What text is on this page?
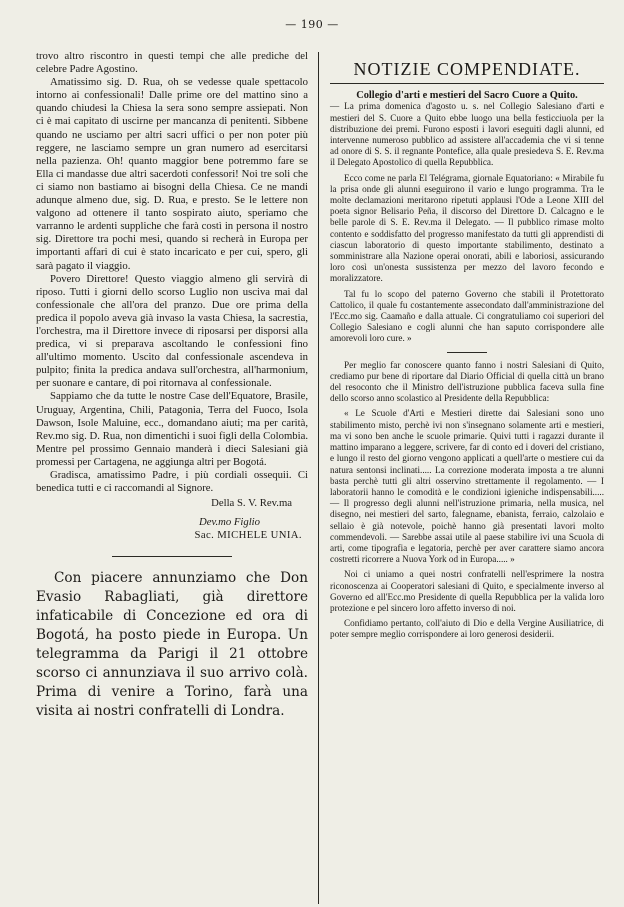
— 190 —

trovo altro riscontro in questi tempi che alle prediche del celebre Padre Agostino.

Amatissimo sig. D. Rua, oh se vedesse quale spettacolo intorno ai confessionali! Dalle prime ore del mattino sino a quando chiudesi la Chiesa la sera sono sempre assiepati. Non ci è mai capitato di uscirne per mancanza di penitenti. Sibbene quando ne usciamo per altri sacri uffici o per non poter più reggere, ne lasciamo sempre un gran numero ad esercitarsi nella pazienza. Oh! quanto maggior bene potremmo fare se Ella ci mandasse due altri sacerdoti confessori! Noi tre soli che ci siamo non bastiamo ai bisogni della Chiesa. Ce ne mandi adunque almeno due, sig. D. Rua, e presto. Se le lettere non valgono ad ottenere il tanto sospirato aiuto, speriamo che varranno le ardenti suppliche che farà costì in persona il nostro sig. Direttore tra pochi mesi, quando si recherà in Europa per importanti affari di cui è stato incaricato e per cui, spero, gli sarà pagato il viaggio.

Povero Direttore! Questo viaggio almeno gli servirà di riposo. Tutti i giorni dello scorso Luglio non usciva mai dal confessionale che all'ora del pranzo. Due ore prima della predica il popolo aveva già invaso la vasta Chiesa, la sacrestia, l'orchestra, ma il Direttore invece di riposarsi per disporsi alla predica, vi si preparava ascoltando le confessioni fino all'ultimo momento. Uscito dal confessionale ascendeva in pulpito; finita la predica andava sull'orchestra, all'harmonium, per suonare e cantare, di poi ritornava al confessionale.

Sappiamo che da tutte le nostre Case dell'Equatore, Brasile, Uruguay, Argentina, Chili, Patagonia, Terra del Fuoco, Isola Dawson, Isole Maluine, ecc., domandano aiuti; ma per carità, Rev.mo sig. D. Rua, non dimentichi i suoi figli della Colombia. Mentre pel prossimo Gennaio manderà i dieci Salesiani già promessi per Cartagena, ne aggiunga altri per Bogotá.

Gradisca, amatissimo Padre, i più cordiali ossequii. Ci benedica tutti e ci raccomandi al Signore.

Della S. V. Rev.ma

Dev.mo Figlio

Sac. MICHELE UNIA.

Con piacere annunziamo che Don Evasio Rabagliati, già direttore infaticabile di Concezione ed ora di Bogotá, ha posto piede in Europa. Un telegramma da Parigi il 21 ottobre scorso ci annunziava il suo arrivo colà. Prima di venire a Torino, farà una visita ai nostri confratelli di Londra.

NOTIZIE COMPENDIATE.

Collegio d'arti e mestieri del Sacro Cuore a Quito.

— La prima domenica d'agosto u. s. nel Collegio Salesiano d'arti e mestieri del S. Cuore a Quito ebbe luogo una bella festicciuola per la distribuzione dei premi. Furono esposti i lavori eseguiti dagli alunni, ed intervenne numeroso pubblico ad assistere all'accademia che vi si tenne ad onore di S. S. il regnante Pontefice, alla quale presiedeva S. E. Rev.ma il Delegato Apostolico di quella Repubblica.

Ecco come ne parla El Telégrama, giornale Equatoriano: « Mirabile fu la prisa onde gli alunni eseguirono il vario e lungo programma. Tra le molte declamazioni meritarono ripetuti applausi l'Ode a Leone XIII del poeta signor Belisario Peña, il discorso del Direttore D. Calcagno e le belle parole di S. E. Rev.ma il Delegato. — Il pubblico rimase molto contento e soddisfatto del progresso manifestato da tutti gli apprendisti di ciascun laboratorio di questo importante stabilimento, destinato a somministrare alla Nazione operai onorati, abili e laboriosi, assicurando loro così un'onesta sussistenza per mezzo del lavoro fecondo e moralizzatore.

Tal fu lo scopo del paterno Governo che stabilì il Protettorato Cattolico, il quale fu costantemente assecondato dall'amministrazione del l'Ecc.mo sig. Caamaño e dalla attuale. Ci congratuliamo coi superiori del Collegio Salesiano e cogli alunni che han saputo corrispondere alle amorevoli loro cure. »

Per meglio far conoscere quanto fanno i nostri Salesiani di Quito, crediamo pur bene di riportare dal Diario Official di quella città un brano del resoconto che il Ministro dell'istruzione pubblica faceva sulla fine dello scorso anno scolastico al Presidente della Repubblica:

« Le Scuole d'Arti e Mestieri dirette dai Salesiani sono uno stabilimento misto, perchè ivi non s'insegnano solamente arti e mestieri, ma vi sono ben anche le scuole primarie. Quivi tutti i ragazzi durante il mattino imparano a leggere, scrivere, far di conto ed i doveri del cristiano, e lungo il resto del giorno vengono applicati a quell'arte o mestiere cui da natura sentonsi inclinati..... La correzione moderata imposta a tre alunni basta perchè tutti gli altri osservino strettamente il regolamento. — I laboratorii hanno le comodità e le condizioni igieniche indispensabili..... — Il progresso degli alunni nell'istruzione primaria, nella musica, nel disegno, nei mestieri del sarto, falegname, ebanista, ferraio, calzolaio e sellaio è già notevole, poichè hanno già presentati lavori molto commendevoli. — Sarebbe assai utile al paese stabilire ivi una Scuola di arti, come tipografia e legatoria, perchè per aver carattere siamo ancora costretti ricorrere a Nuova York od in Europa..... »

Noi ci uniamo a quei nostri confratelli nell'esprimere la nostra riconoscenza ai Cooperatori salesiani di Quito, e specialmente inverso al Governo ed all'Ecc.mo Presidente di quella Repubblica per la valida loro protezione e pel sincero loro affetto inverso di noi.

Confidiamo pertanto, coll'aiuto di Dio e della Vergine Ausiliatrice, di poter sempre meglio corrispondere ai loro generosi desiderii.
